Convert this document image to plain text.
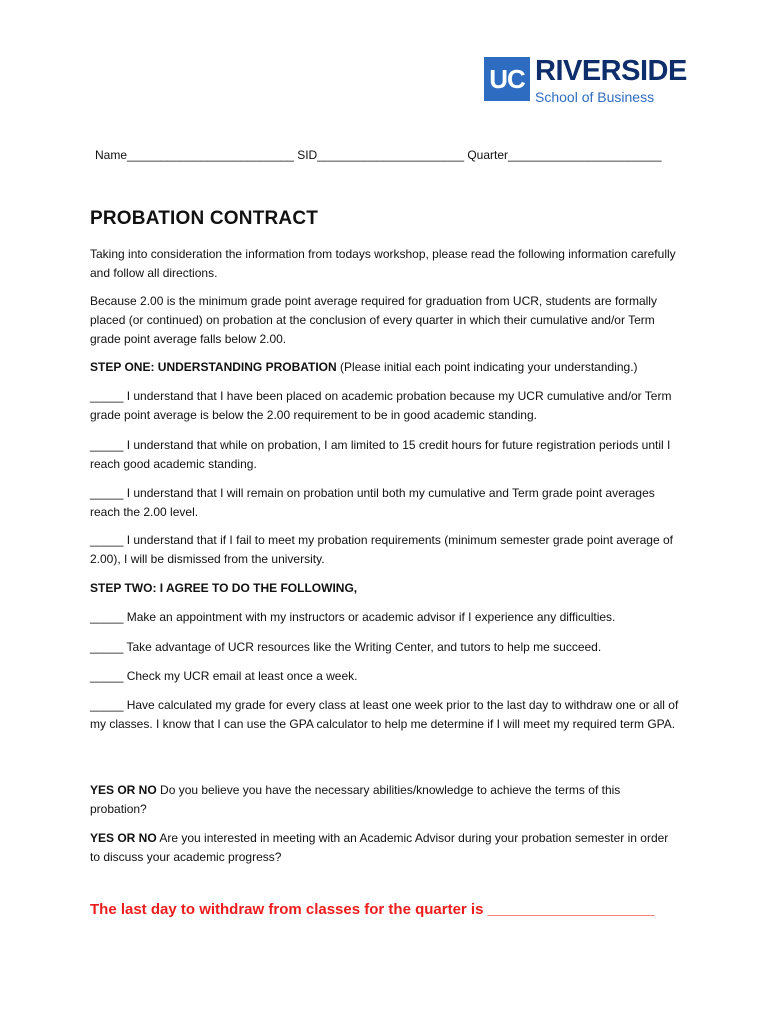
UC RIVERSIDE
School of Business
Name_________________________ SID______________________ Quarter_______________________
PROBATION CONTRACT
Taking into consideration the information from todays workshop, please read the following information carefully and follow all directions.
Because 2.00 is the minimum grade point average required for graduation from UCR, students are formally placed (or continued) on probation at the conclusion of every quarter in which their cumulative and/or Term grade point average falls below 2.00.
STEP ONE: UNDERSTANDING PROBATION (Please initial each point indicating your understanding.)
_____ I understand that I have been placed on academic probation because my UCR cumulative and/or Term grade point average is below the 2.00 requirement to be in good academic standing.
_____ I understand that while on probation, I am limited to 15 credit hours for future registration periods until I reach good academic standing.
_____ I understand that I will remain on probation until both my cumulative and Term grade point averages reach the 2.00 level.
_____ I understand that if I fail to meet my probation requirements (minimum semester grade point average of 2.00), I will be dismissed from the university.
STEP TWO: I AGREE TO DO THE FOLLOWING,
_____ Make an appointment with my instructors or academic advisor if I experience any difficulties.
_____ Take advantage of UCR resources like the Writing Center, and tutors to help me succeed.
_____ Check my UCR email at least once a week.
_____ Have calculated my grade for every class at least one week prior to the last day to withdraw one or all of my classes. I know that I can use the GPA calculator to help me determine if I will meet my required term GPA.
YES OR NO Do you believe you have the necessary abilities/knowledge to achieve the terms of this probation?
YES OR NO Are you interested in meeting with an Academic Advisor during your probation semester in order to discuss your academic progress?
The last day to withdraw from classes for the quarter is ____________________
